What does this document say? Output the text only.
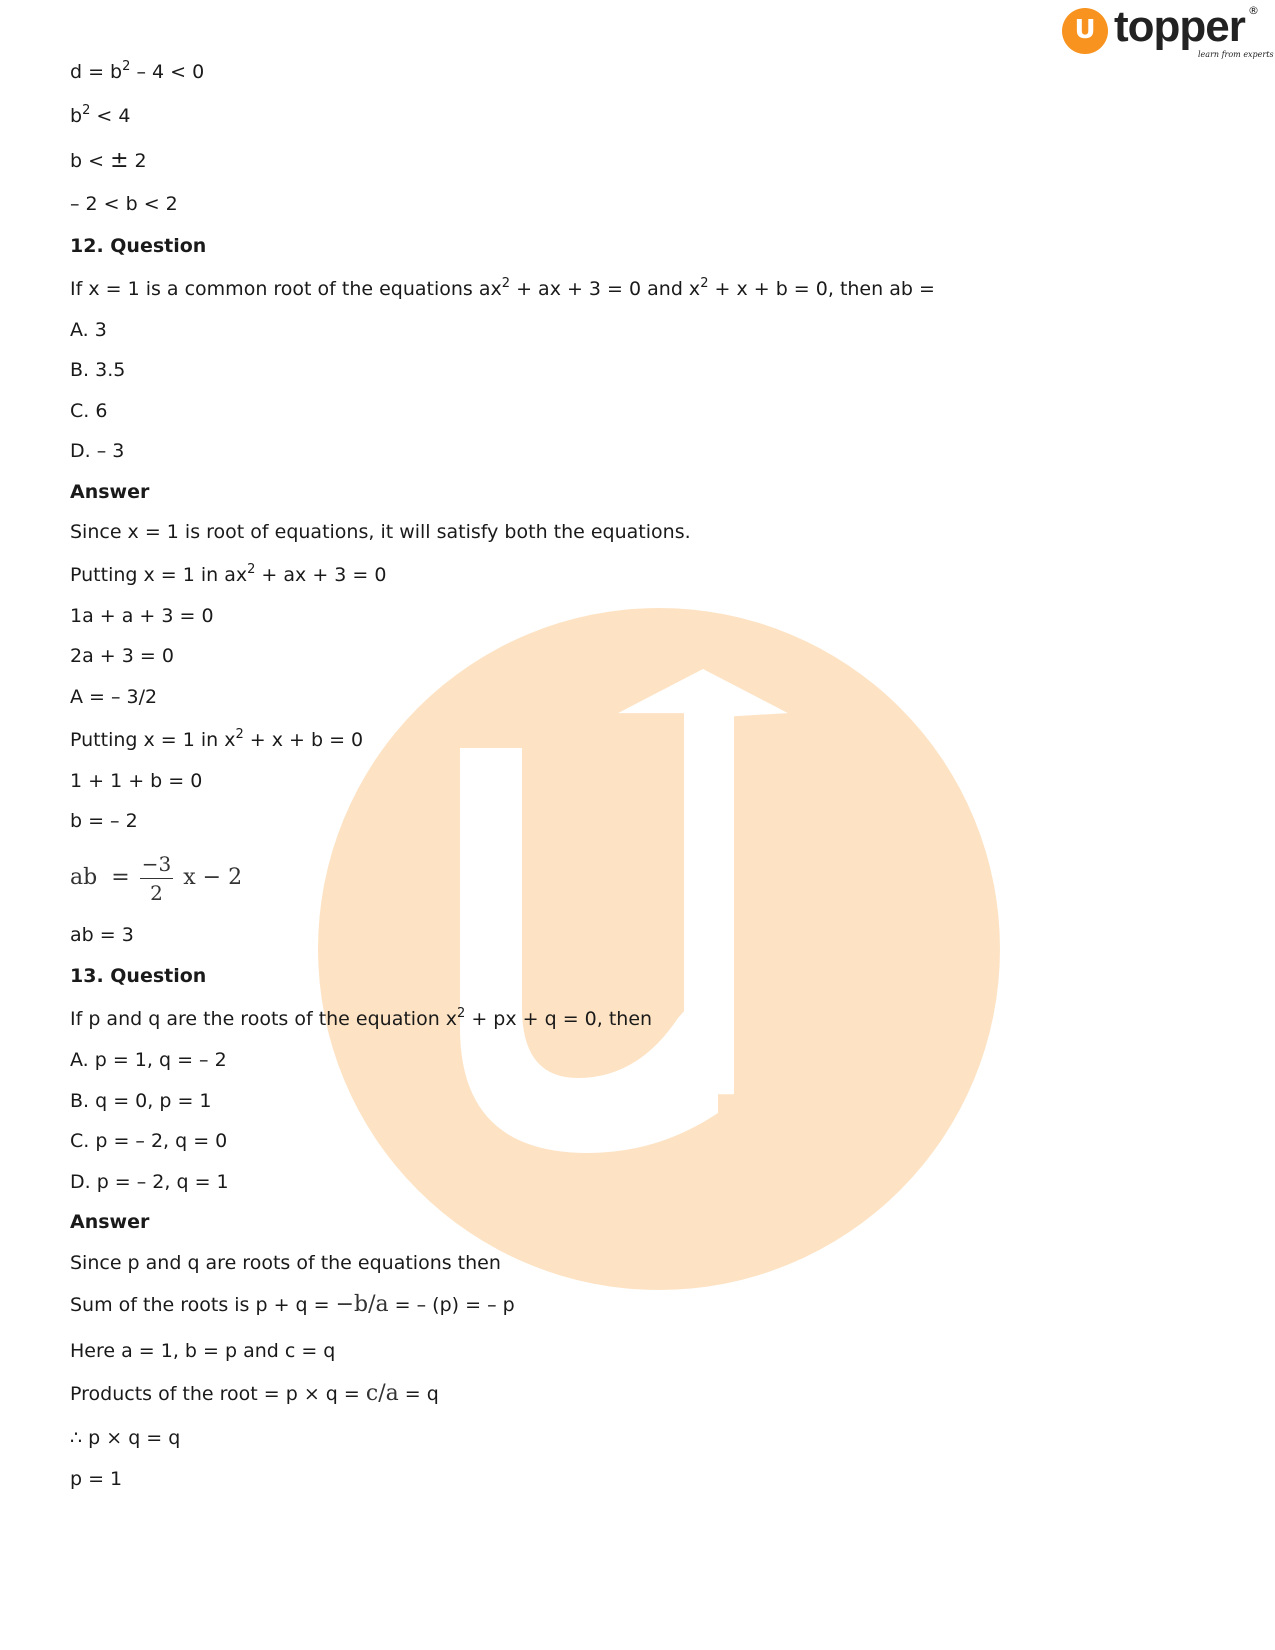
U topper
learn from experts
®
$d = b^2 - 4 < 0$
$b^2 < 4$
b < ± 2
– 2 < b < 2
12. Question
If x = 1 is a common root of the equations $ax^2$ + ax + 3 = 0 and $x^2 + x + b = 0$, then ab =
A. 3
B. 3.5
C. 6
D. – 3
Answer
Since x = 1 is root of equations, it will satisfy both the equations.
Putting x = 1 in $ax^2$ + ax + 3 = 0
1a + a + 3 = 0
2a + 3 = 0
A = – 3/2
Putting x = 1 in $x^2 + x + b = 0$
1 + 1 + b = 0
b = – 2
ab = $\frac{-3}{2}$ x − 2
ab = 3
13. Question
If p and q are the roots of the equation $x^2$ + px + q = 0, then
A. p = 1, q = – 2
B. q = 0, p = 1
C. p = – 2, q = 0
D. p = – 2, q = 1
Answer
Since p and q are roots of the equations then
Sum of the roots is p + q = −b/a = – (p) = – p
Here a = 1, b = p and c = q
Products of the root = p × q = c/a = q
∴ p × q = q
p = 1
